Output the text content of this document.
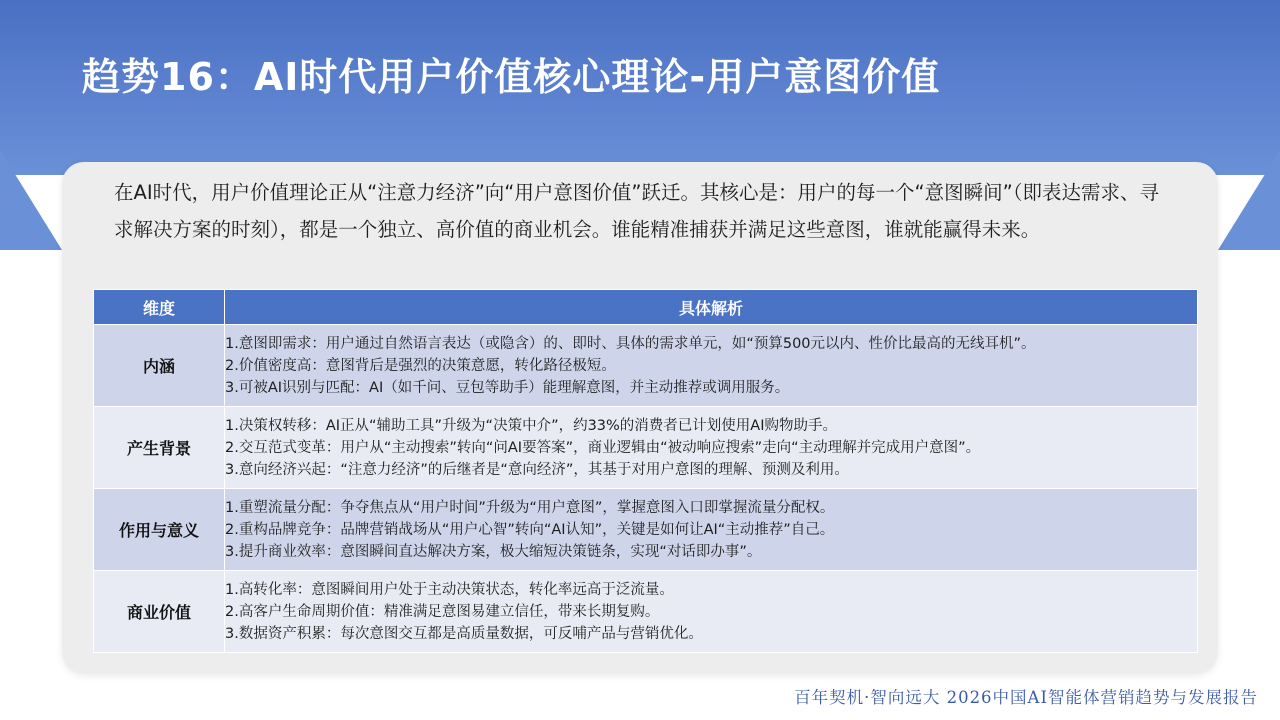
趋势16：AI时代用户价值核心理论-用户意图价值
在AI时代，用户价值理论正从“注意力经济”向“用户意图价值”跃迁。其核心是：用户的每一个“意图瞬间”（即表达需求、寻求解决方案的时刻），都是一个独立、高价值的商业机会。谁能精准捕获并满足这些意图，谁就能赢得未来。
维度	具体解析
内涵	1.意图即需求：用户通过自然语言表达（或隐含）的、即时、具体的需求单元，如“预算500元以内、性价比最高的无线耳机”。
2.价值密度高：意图背后是强烈的决策意愿，转化路径极短。
3.可被AI识别与匹配：AI（如千问、豆包等助手）能理解意图，并主动推荐或调用服务。

产生背景	1.决策权转移：AI正从“辅助工具”升级为“决策中介”，约33%的消费者已计划使用AI购物助手。
2.交互范式变革：用户从“主动搜索”转向“问AI要答案”，商业逻辑由“被动响应搜索”走向“主动理解并完成用户意图”。
3.意向经济兴起：“注意力经济”的后继者是“意向经济”，其基于对用户意图的理解、预测及利用。

作用与意义	1.重塑流量分配：争夺焦点从“用户时间”升级为“用户意图”，掌握意图入口即掌握流量分配权。
2.重构品牌竞争：品牌营销战场从“用户心智”转向“AI认知”，关键是如何让AI“主动推荐”自己。
3.提升商业效率：意图瞬间直达解决方案，极大缩短决策链条，实现“对话即办事”。

商业价值	1.高转化率：意图瞬间用户处于主动决策状态，转化率远高于泛流量。
2.高客户生命周期价值：精准满足意图易建立信任，带来长期复购。
3.数据资产积累：每次意图交互都是高质量数据，可反哺产品与营销优化。
百年契机·智向远大 2026中国AI智能体营销趋势与发展报告
